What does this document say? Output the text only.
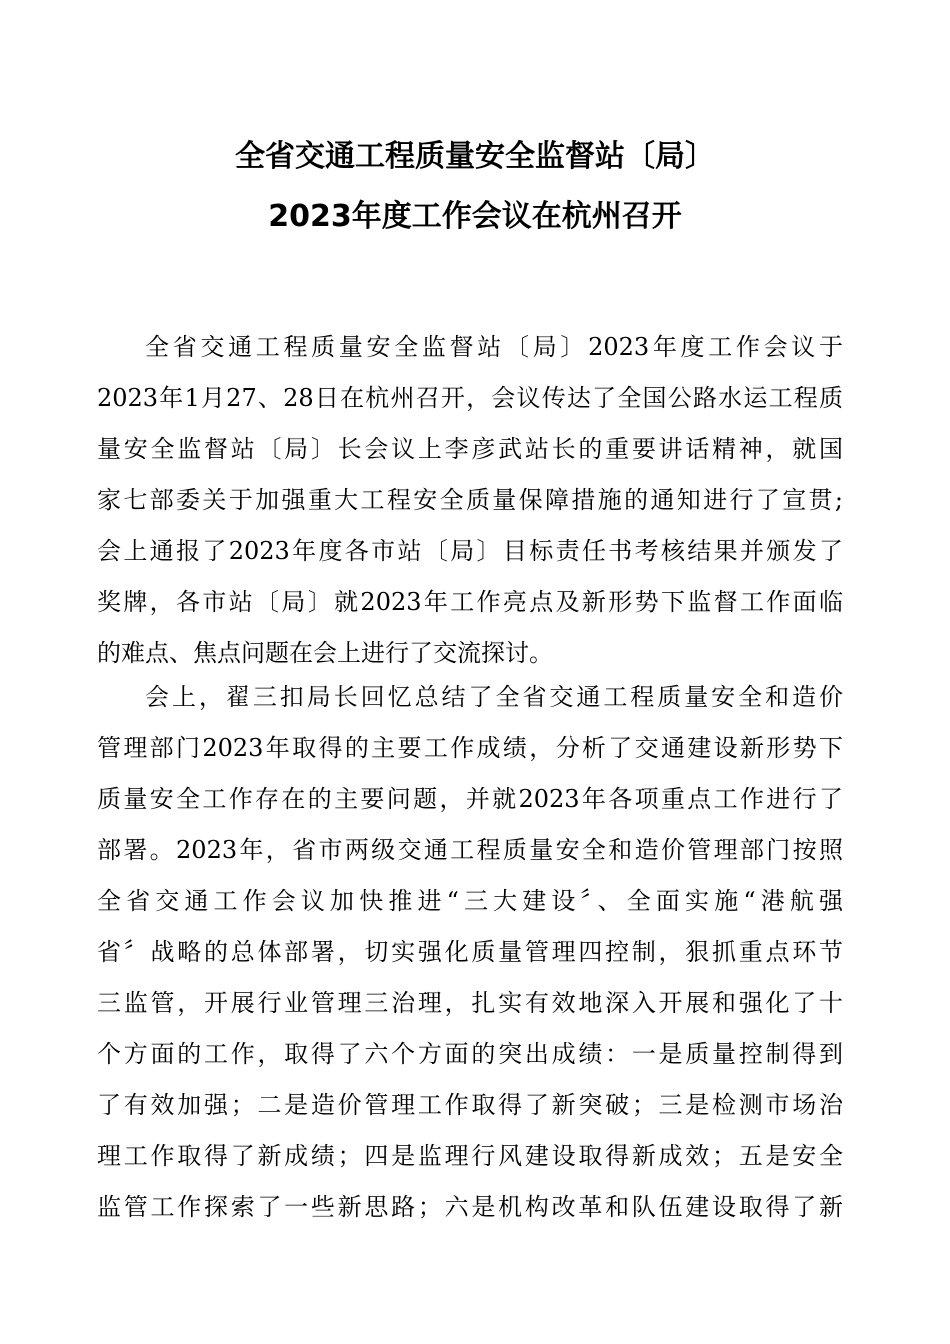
全省交通工程质量安全监督站〔局〕
2023年度工作会议在杭州召开
全省交通工程质量安全监督站〔局〕2023年度工作会议于
2023年1月27、28日在杭州召开，会议传达了全国公路水运工程质
量安全监督站〔局〕长会议上李彦武站长的重要讲话精神，就国
家七部委关于加强重大工程安全质量保障措施的通知进行了宣贯;
会上通报了2023年度各市站〔局〕目标责任书考核结果并颁发了
奖牌，各市站〔局〕就2023年工作亮点及新形势下监督工作面临
的难点、焦点问题在会上进行了交流探讨。
会上，翟三扣局长回忆总结了全省交通工程质量安全和造价
管理部门2023年取得的主要工作成绩，分析了交通建设新形势下
质量安全工作存在的主要问题，并就2023年各项重点工作进行了
部署。2023年，省市两级交通工程质量安全和造价管理部门按照
全省交通工作会议加快推进“三大建设〞、全面实施“港航强
省〞战略的总体部署，切实强化质量管理四控制，狠抓重点环节
三监管，开展行业管理三治理，扎实有效地深入开展和强化了十
个方面的工作，取得了六个方面的突出成绩：一是质量控制得到
了有效加强；二是造价管理工作取得了新突破；三是检测市场治
理工作取得了新成绩；四是监理行风建设取得新成效；五是安全
监管工作探索了一些新思路；六是机构改革和队伍建设取得了新
